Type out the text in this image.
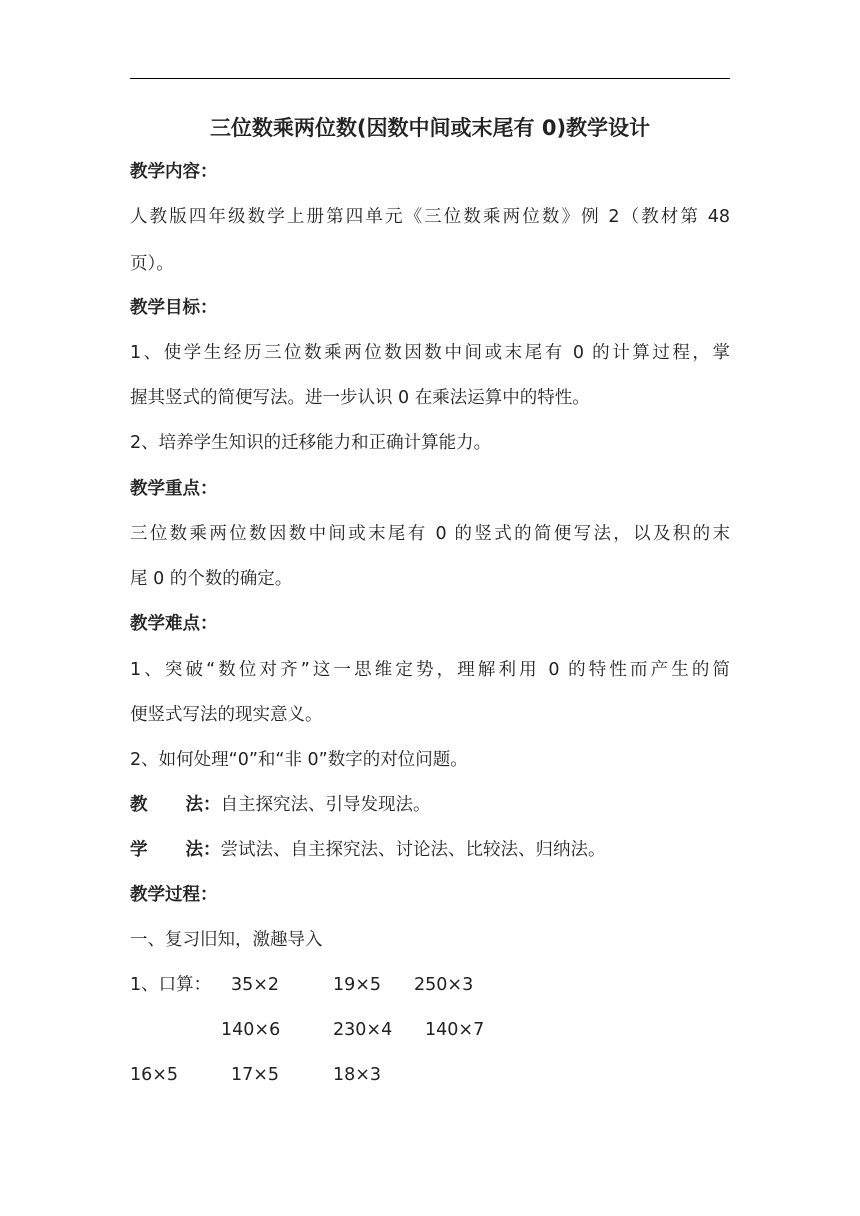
三位数乘两位数(因数中间或末尾有 0)教学设计
教学内容：
人教版四年级数学上册第四单元《三位数乘两位数》例 2（教材第 48
页）。
教学目标：
1、使学生经历三位数乘两位数因数中间或末尾有 0 的计算过程，掌
握其竖式的简便写法。进一步认识 0 在乘法运算中的特性。
2、培养学生知识的迁移能力和正确计算能力。
教学重点：
三位数乘两位数因数中间或末尾有 0 的竖式的简便写法，以及积的末
尾 0 的个数的确定。
教学难点：
1、突破“数位对齐”这一思维定势，理解利用 0 的特性而产生的简
便竖式写法的现实意义。
2、如何处理“0”和“非 0”数字的对位问题。
教 法：自主探究法、引导发现法。
学 法：尝试法、自主探究法、讨论法、比较法、归纳法。
教学过程：
一、复习旧知，激趣导入
1、口算： 35×2	19×5 250×3
140×6	230×4 140×7
16×5	17×5	18×3
